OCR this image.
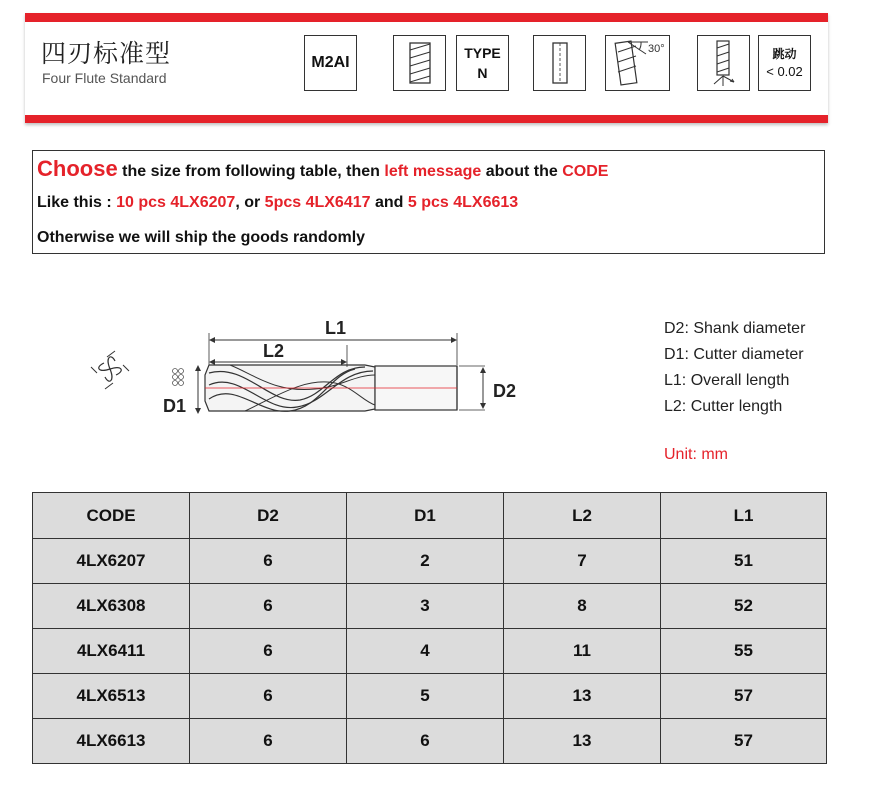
四刃标准型
Four Flute Standard
M2AI
TYPE
N
30°	跳动
< 0.02
Choose the size from following table, then left message about the CODE
Like this : 10 pcs 4LX6207, or 5pcs 4LX6417 and 5 pcs 4LX6613
Otherwise we will ship the goods randomly
D1
L1
L2
D2
D2: Shank diameter
D1: Cutter diameter
L1: Overall length
L2: Cutter length
Unit: mm
CODE	D2	D1	L2	L1
4LX6207	6	2	7	51
4LX6308	6	3	8	52
4LX6411	6	4	11	55
4LX6513	6	5	13	57
4LX6613	6	6	13	57
